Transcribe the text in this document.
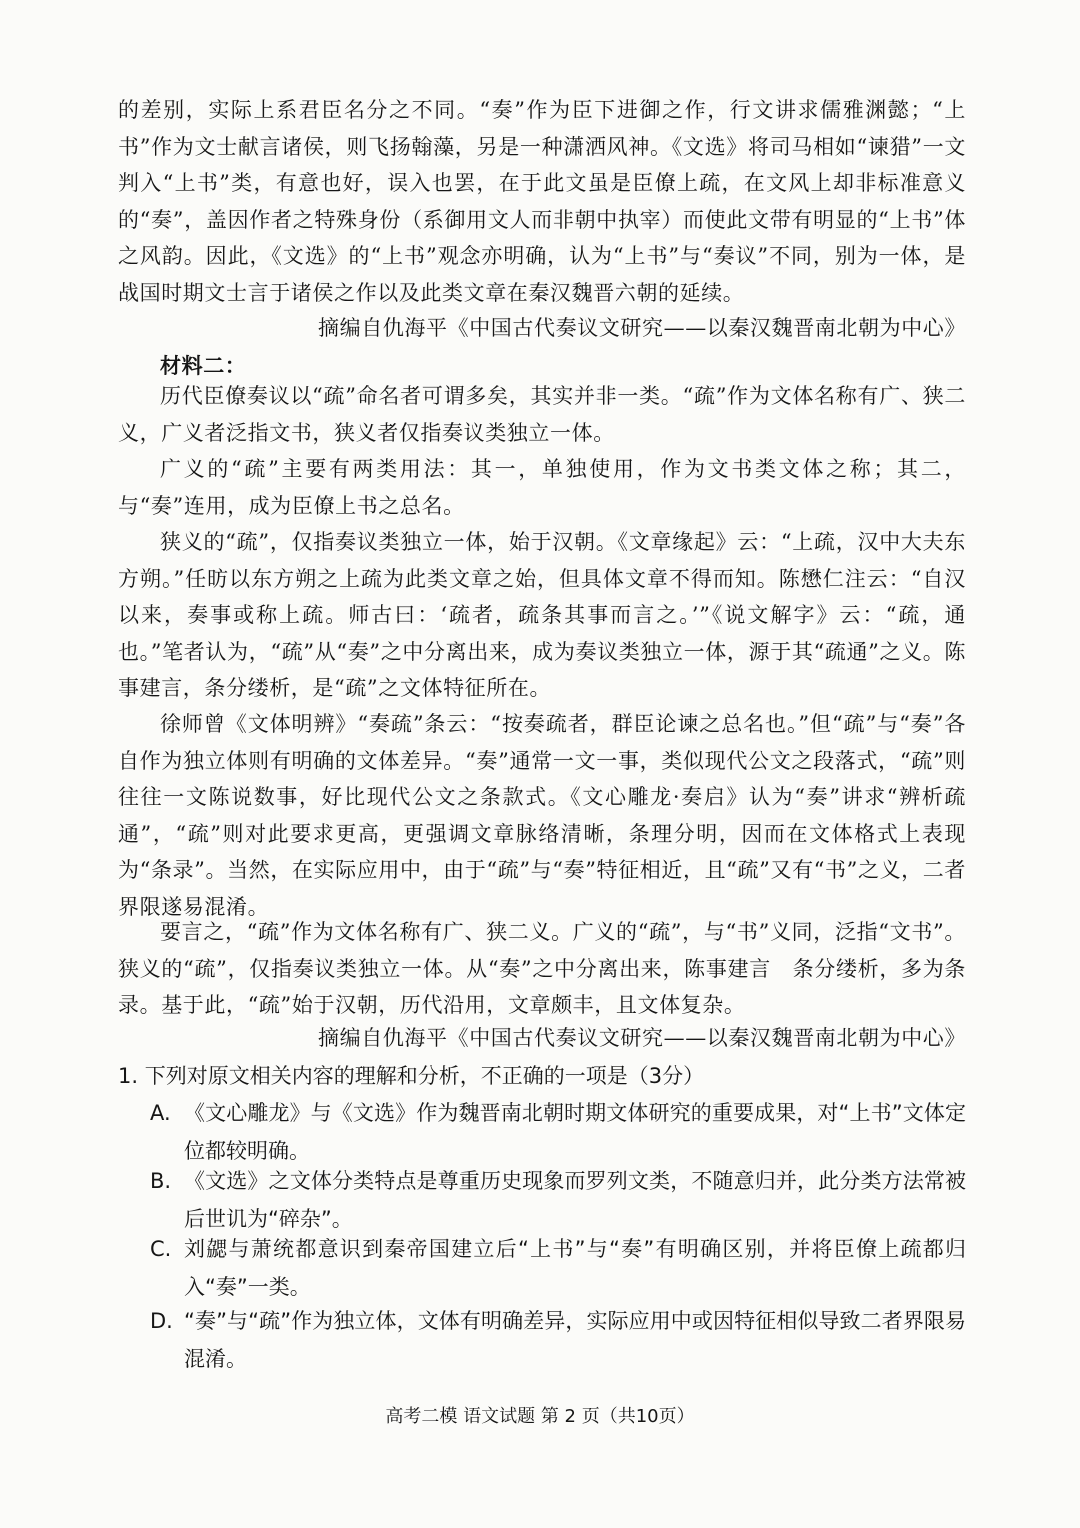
的差别，实际上系君臣名分之不同。“奏”作为臣下进御之作，行文讲求儒雅渊懿；“上书”作为文士献言诸侯，则飞扬翰藻，另是一种潇洒风神。《文选》将司马相如“谏猎”一文判入“上书”类，有意也好，误入也罢，在于此文虽是臣僚上疏，在文风上却非标准意义的“奏”，盖因作者之特殊身份（系御用文人而非朝中执宰）而使此文带有明显的“上书”体之风韵。因此，《文选》的“上书”观念亦明确，认为“上书”与“奏议”不同，别为一体，是战国时期文士言于诸侯之作以及此类文章在秦汉魏晋六朝的延续。

摘编自仇海平《中国古代奏议文研究——以秦汉魏晋南北朝为中心》

材料二：

历代臣僚奏议以“疏”命名者可谓多矣，其实并非一类。“疏”作为文体名称有广、狭二义，广义者泛指文书，狭义者仅指奏议类独立一体。

广义的“疏”主要有两类用法：其一，单独使用，作为文书类文体之称；其二，与“奏”连用，成为臣僚上书之总名。

狭义的“疏”，仅指奏议类独立一体，始于汉朝。《文章缘起》云：“上疏，汉中大夫东方朔。”任昉以东方朔之上疏为此类文章之始，但具体文章不得而知。陈懋仁注云：“自汉以来，奏事或称上疏。师古曰：‘疏者，疏条其事而言之。’”《说文解字》云：“疏，通也。”笔者认为，“疏”从“奏”之中分离出来，成为奏议类独立一体，源于其“疏通”之义。陈事建言，条分缕析，是“疏”之文体特征所在。

徐师曾《文体明辨》“奏疏”条云：“按奏疏者，群臣论谏之总名也。”但“疏”与“奏”各自作为独立体则有明确的文体差异。“奏”通常一文一事，类似现代公文之段落式，“疏”则往往一文陈说数事，好比现代公文之条款式。《文心雕龙·奏启》认为“奏”讲求“辨析疏通”，“疏”则对此要求更高，更强调文章脉络清晰，条理分明，因而在文体格式上表现为“条录”。当然，在实际应用中，由于“疏”与“奏”特征相近，且“疏”又有“书”之义，二者界限遂易混淆。

要言之，“疏”作为文体名称有广、狭二义。广义的“疏”，与“书”义同，泛指“文书”。狭义的“疏”，仅指奏议类独立一体。从“奏”之中分离出来，陈事建言　条分缕析，多为条录。基于此，“疏”始于汉朝，历代沿用，文章颇丰，且文体复杂。

摘编自仇海平《中国古代奏议文研究——以秦汉魏晋南北朝为中心》

1. 下列对原文相关内容的理解和分析，不正确的一项是（3分）

A. 《文心雕龙》与《文选》作为魏晋南北朝时期文体研究的重要成果，对“上书”文体定位都较明确。
B. 《文选》之文体分类特点是尊重历史现象而罗列文类，不随意归并，此分类方法常被后世讥为“碎杂”。
C. 刘勰与萧统都意识到秦帝国建立后“上书”与“奏”有明确区别，并将臣僚上疏都归入“奏”一类。
D. “奏”与“疏”作为独立体，文体有明确差异，实际应用中或因特征相似导致二者界限易混淆。

高考二模 语文试题 第 2 页（共10页）
